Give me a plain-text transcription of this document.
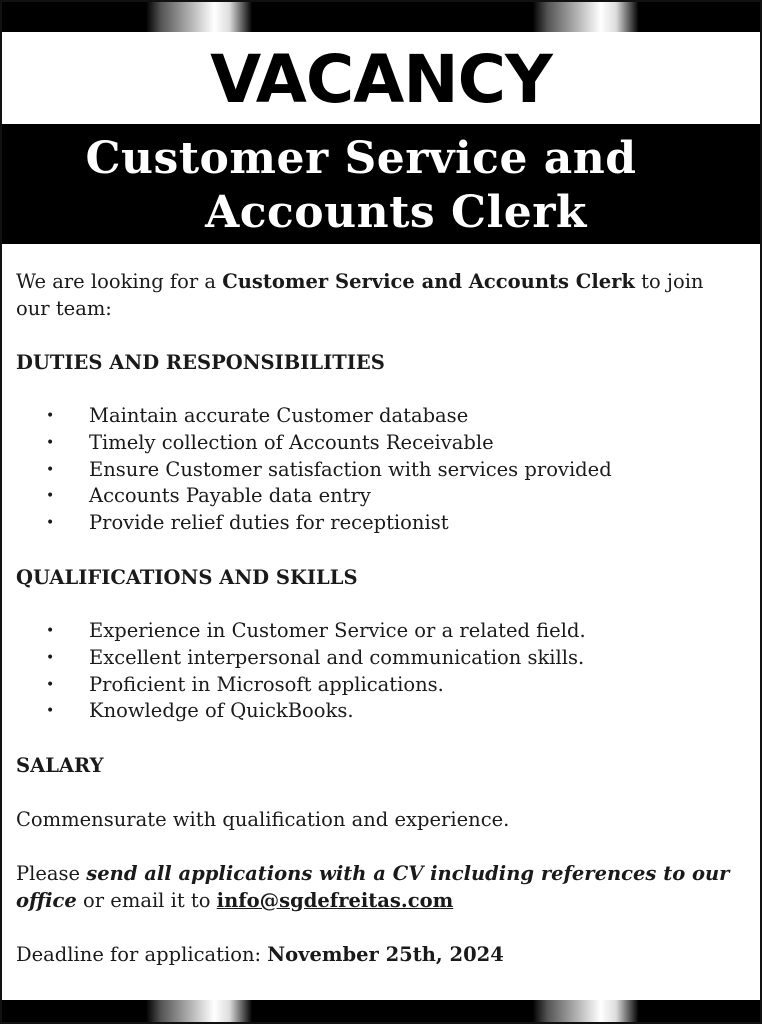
VACANCY
Customer Service and
Accounts Clerk

We are looking for a Customer Service and Accounts Clerk to join our team:

DUTIES AND RESPONSIBILITIES

• Maintain accurate Customer database
• Timely collection of Accounts Receivable
• Ensure Customer satisfaction with services provided
• Accounts Payable data entry
• Provide relief duties for receptionist

QUALIFICATIONS AND SKILLS

• Experience in Customer Service or a related field.
• Excellent interpersonal and communication skills.
• Proficient in Microsoft applications.
• Knowledge of QuickBooks.

SALARY

Commensurate with qualification and experience.

Please send all applications with a CV including references to our office or email it to info@sgdefreitas.com

Deadline for application: November 25th, 2024
